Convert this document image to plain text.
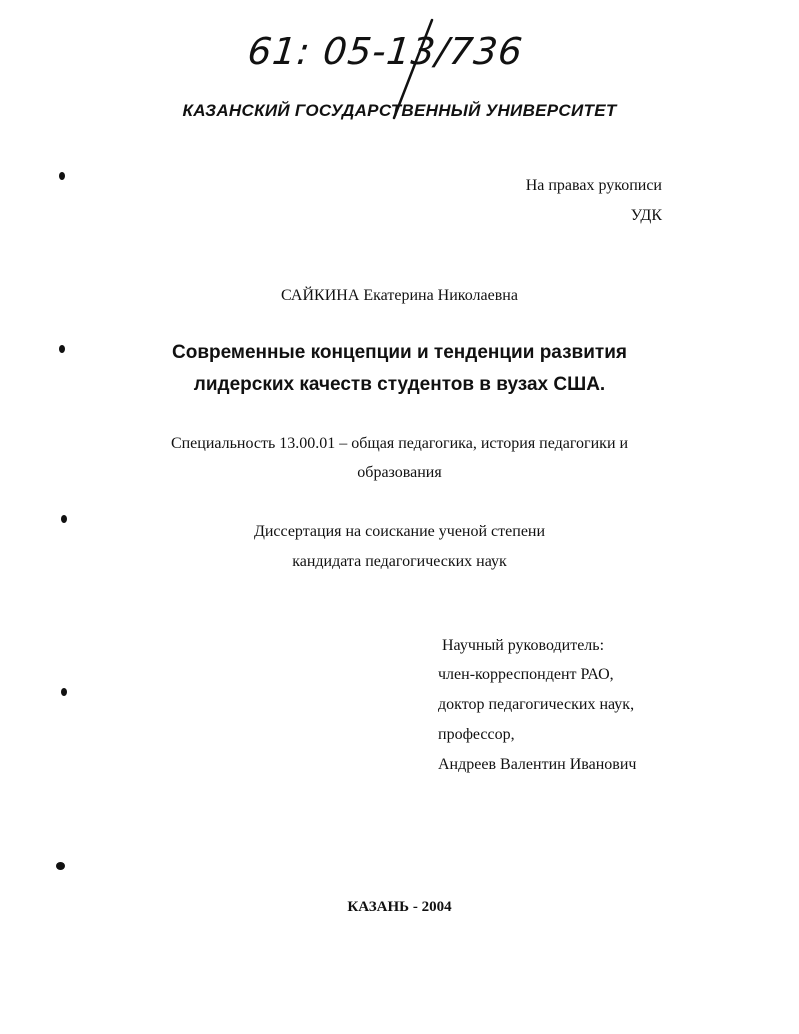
61: 05-13/736
КАЗАНСКИЙ ГОСУДАРСТВЕННЫЙ УНИВЕРСИТЕТ
На правах рукописи
УДК
САЙКИНА Екатерина Николаевна
Современные концепции и тенденции развития
лидерских качеств студентов в вузах США.
Специальность 13.00.01 – общая педагогика, история педагогики и
образования
Диссертация на соискание ученой степени
кандидата педагогических наук
Научный руководитель:
член-корреспондент РАО,
доктор педагогических наук,
профессор,
Андреев Валентин Иванович
КАЗАНЬ - 2004
